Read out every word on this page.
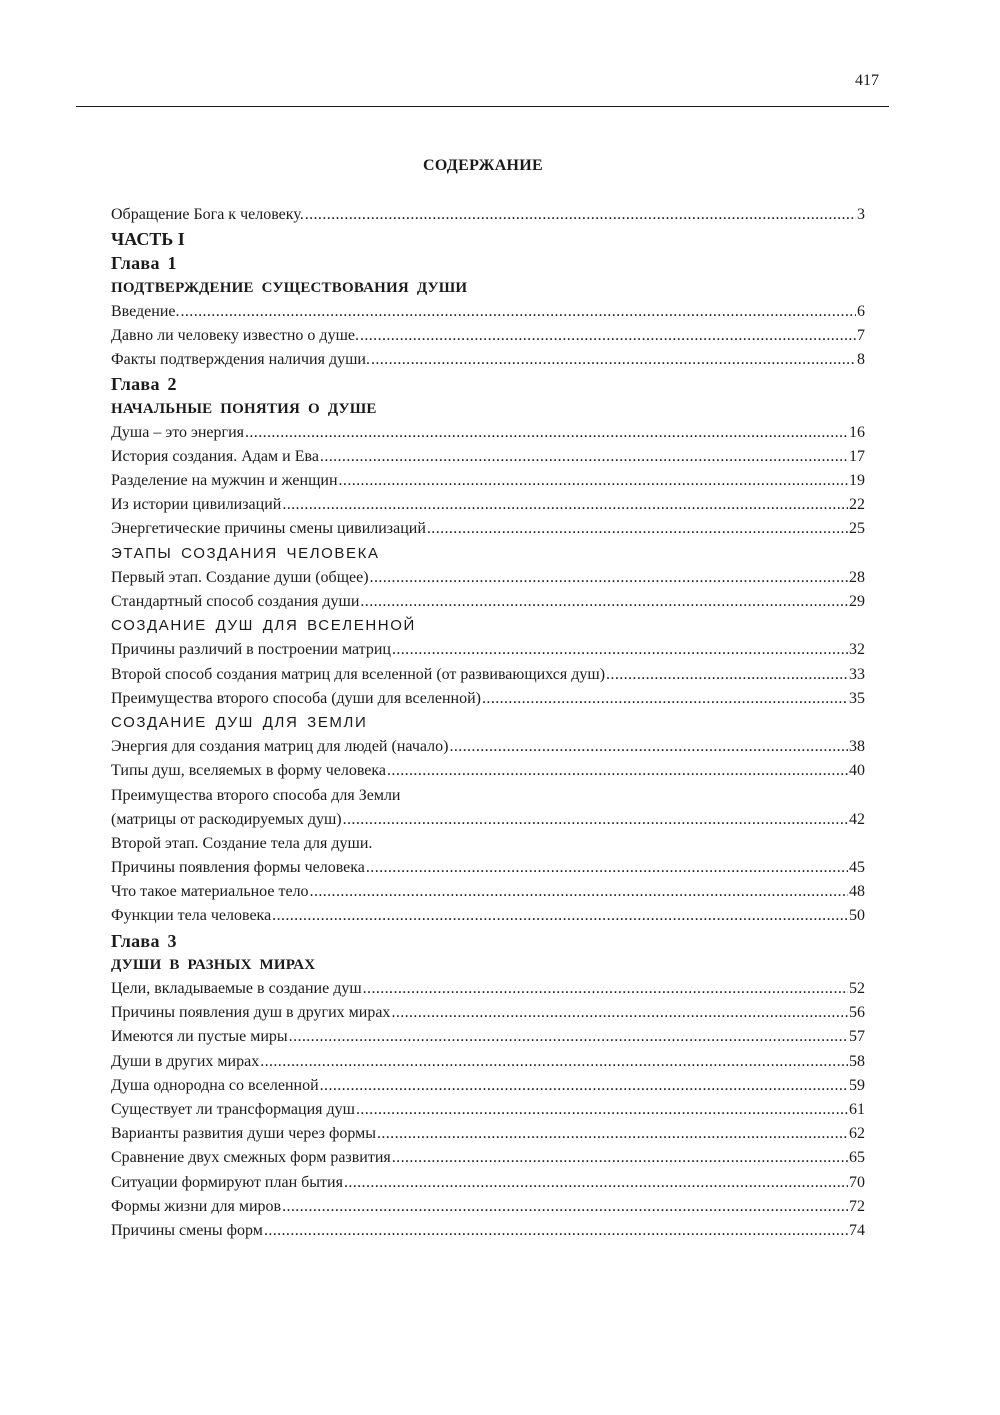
417
СОДЕРЖАНИЕ
Обращение Бога к человеку. .....	3
ЧАСТЬ I
Глава 1
ПОДТВЕРЖДЕНИЕ СУЩЕСТВОВАНИЯ ДУШИ
Введение. .....	6
Давно ли человеку известно о душе. .....	7
Факты подтверждения наличия души. .....	8
Глава 2
НАЧАЛЬНЫЕ ПОНЯТИЯ О ДУШЕ
Душа – это энергия .....	16
История создания. Адам и Ева .....	17
Разделение на мужчин и женщин .....	19
Из истории цивилизаций .....	22
Энергетические причины смены цивилизаций .....	25
ЭТАПЫ СОЗДАНИЯ ЧЕЛОВЕКА
Первый этап. Создание души (общее) .....	28
Стандартный способ создания души .....	29
СОЗДАНИЕ ДУШ ДЛЯ ВСЕЛЕННОЙ
Причины различий в построении матриц .....	32
Второй способ создания матриц для вселенной (от развивающихся душ) .....	33
Преимущества второго способа (души для вселенной) .....	35
СОЗДАНИЕ ДУШ ДЛЯ ЗЕМЛИ
Энергия для создания матриц для людей (начало) .....	38
Типы душ, вселяемых в форму человека .....	40
Преимущества второго способа для Земли
(матрицы от раскодируемых душ) .....	42
Второй этап. Создание тела для души.
Причины появления формы человека .....	45
Что такое материальное тело .....	48
Функции тела человека .....	50
Глава 3
ДУШИ В РАЗНЫХ МИРАХ
Цели, вкладываемые в создание душ .....	52
Причины появления душ в других мирах .....	56
Имеются ли пустые миры .....	57
Души в других мирах .....	58
Душа однородна со вселенной .....	59
Существует ли трансформация душ .....	61
Варианты развития души через формы .....	62
Сравнение двух смежных форм развития .....	65
Ситуации формируют план бытия .....	70
Формы жизни для миров .....	72
Причины смены форм .....	74
